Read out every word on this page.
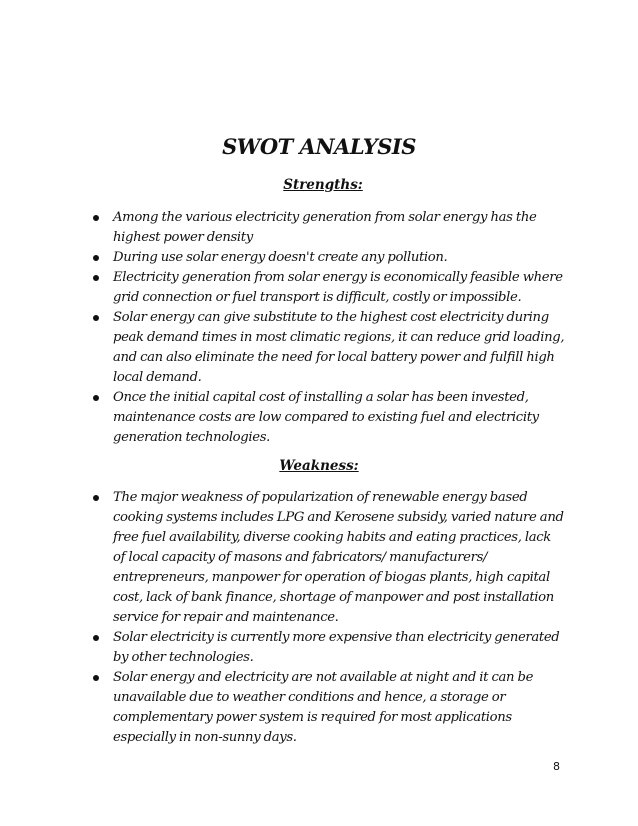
SWOT ANALYSIS
Strengths:
Among the various electricity generation from solar energy has the highest power density
During use solar energy doesn't create any pollution.
Electricity generation from solar energy is economically feasible where grid connection or fuel transport is difficult, costly or impossible.
Solar energy can give substitute to the highest cost electricity during peak demand times in most climatic regions, it can reduce grid loading, and can also eliminate the need for local battery power and fulfill high local demand.
Once the initial capital cost of installing a solar has been invested, maintenance costs are low compared to existing fuel and electricity generation technologies.
Weakness:
The major weakness of popularization of renewable energy based cooking systems includes LPG and Kerosene subsidy, varied nature and free fuel availability, diverse cooking habits and eating practices, lack of local capacity of masons and fabricators/ manufacturers/ entrepreneurs, manpower for operation of biogas plants, high capital cost, lack of bank finance, shortage of manpower and post installation service for repair and maintenance.
Solar electricity is currently more expensive than electricity generated by other technologies.
Solar energy and electricity are not available at night and it can be unavailable due to weather conditions and hence, a storage or complementary power system is required for most applications especially in non-sunny days.
8
